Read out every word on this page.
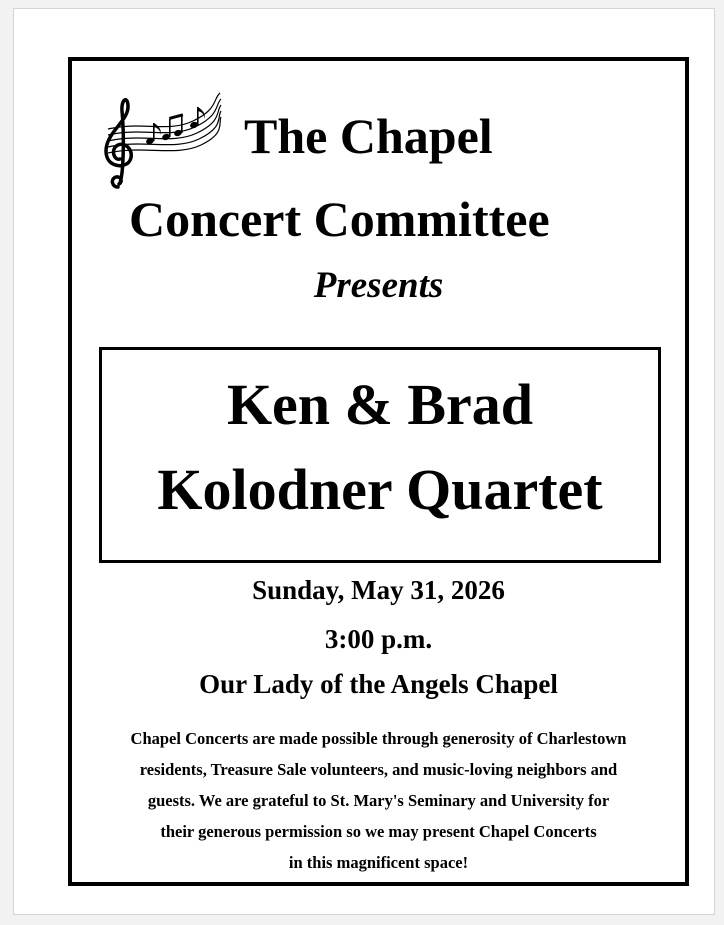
The Chapel
Concert Committee
Presents
Ken & Brad
Kolodner Quartet
Sunday, May 31, 2026
3:00 p.m.
Our Lady of the Angels Chapel
Chapel Concerts are made possible through generosity of Charlestown
residents, Treasure Sale volunteers, and music-loving neighbors and
guests. We are grateful to St. Mary's Seminary and University for
their generous permission so we may present Chapel Concerts
in this magnificent space!
